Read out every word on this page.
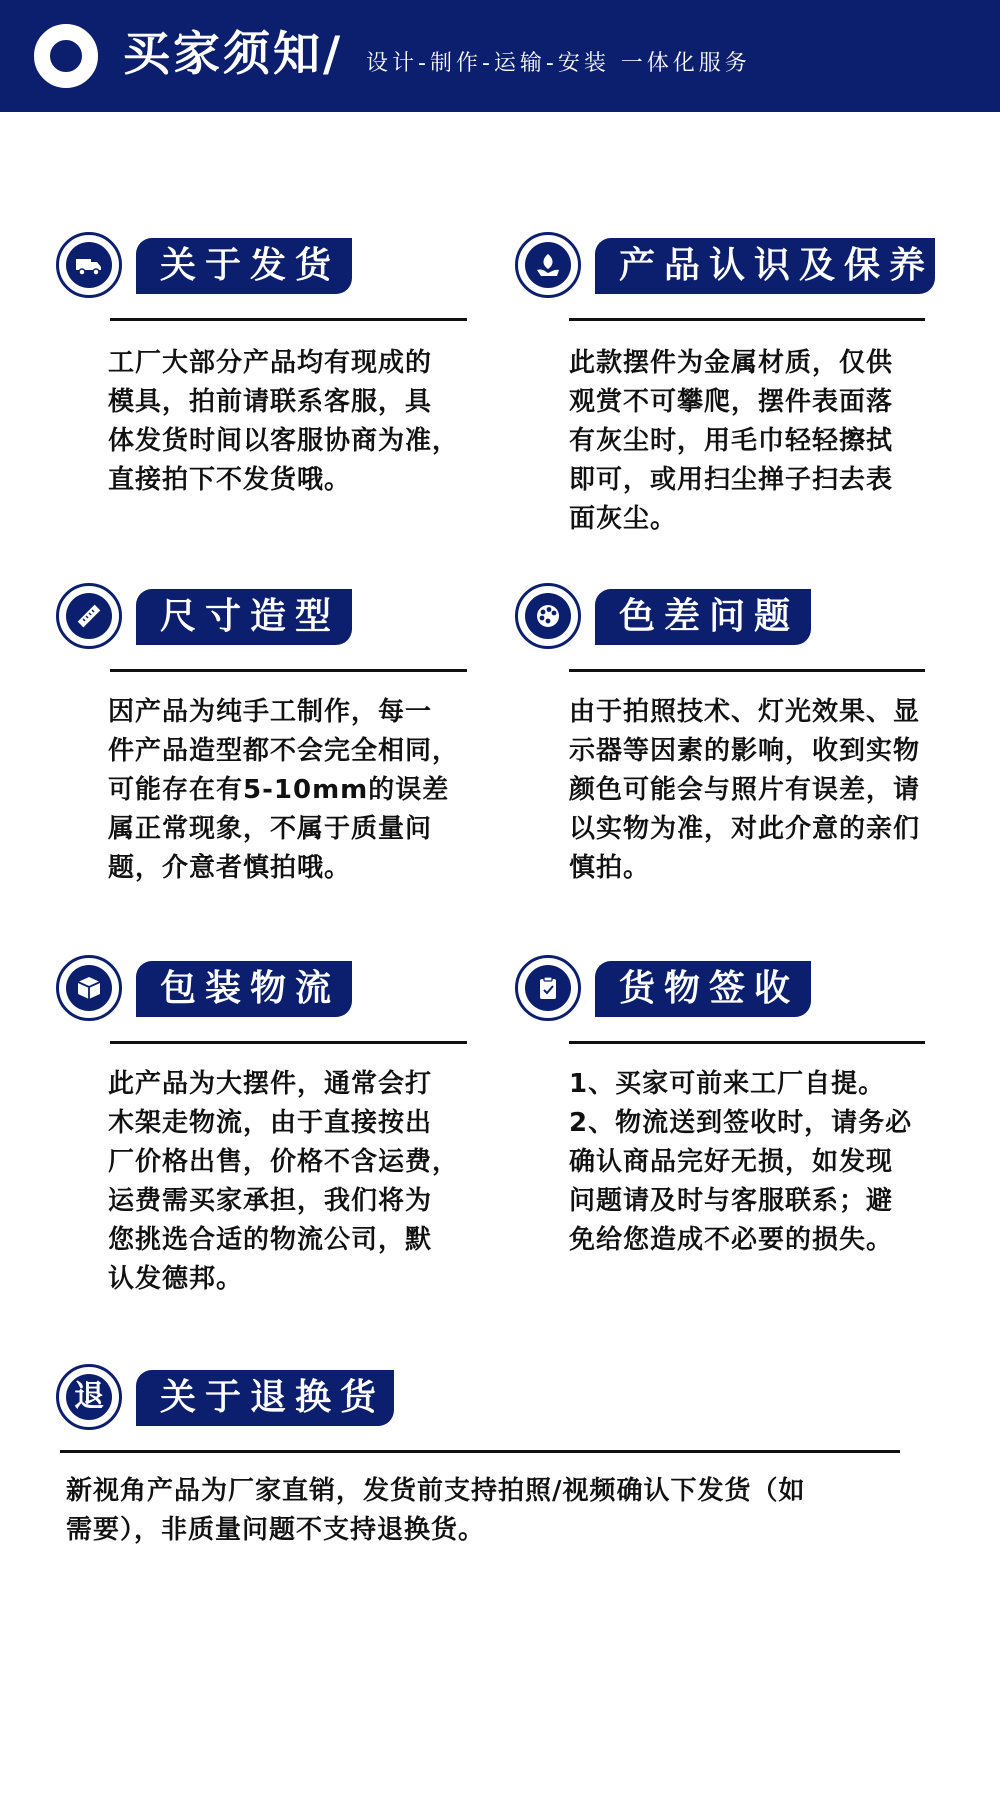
买家须知/ 设计-制作-运输-安装 一体化服务
关于发货
工厂大部分产品均有现成的
模具，拍前请联系客服，具
体发货时间以客服协商为准，
直接拍下不发货哦。
产品认识及保养
此款摆件为金属材质，仅供
观赏不可攀爬，摆件表面落
有灰尘时，用毛巾轻轻擦拭
即可，或用扫尘掸子扫去表
面灰尘。
尺寸造型
因产品为纯手工制作，每一
件产品造型都不会完全相同，
可能存在有5-10mm的误差
属正常现象，不属于质量问
题，介意者慎拍哦。
色差问题
由于拍照技术、灯光效果、显
示器等因素的影响，收到实物
颜色可能会与照片有误差，请
以实物为准，对此介意的亲们
慎拍。
包装物流
此产品为大摆件，通常会打
木架走物流，由于直接按出
厂价格出售，价格不含运费，
运费需买家承担，我们将为
您挑选合适的物流公司，默
认发德邦。
货物签收
1、买家可前来工厂自提。
2、物流送到签收时，请务必
确认商品完好无损，如发现
问题请及时与客服联系；避
免给您造成不必要的损失。
退	关于退换货
新视角产品为厂家直销，发货前支持拍照/视频确认下发货（如
需要），非质量问题不支持退换货。
